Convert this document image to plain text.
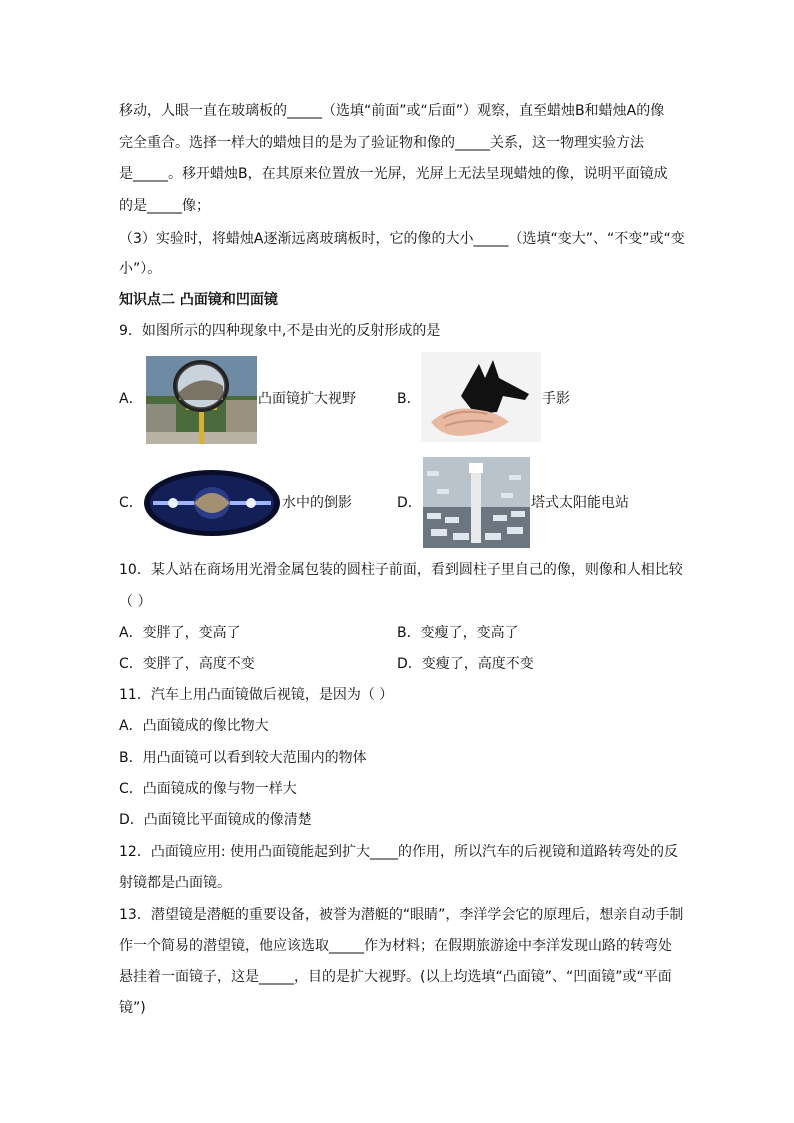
移动，人眼一直在玻璃板的_____（选填“前面”或“后面”）观察，直至蜡烛B和蜡烛A的像
完全重合。选择一样大的蜡烛目的是为了验证物和像的_____关系，这一物理实验方法
是_____。移开蜡烛B，在其原来位置放一光屏，光屏上无法呈现蜡烛的像，说明平面镜成
的是_____像；
（3）实验时，将蜡烛A逐渐远离玻璃板时，它的像的大小_____（选填“变大”、“不变”或“变
小”）。
知识点二 凸面镜和凹面镜
9．如图所示的四种现象中,不是由光的反射形成的是
A．	凸面镜扩大视野	B．	手影
C．	水中的倒影	D．	塔式太阳能电站
10．某人站在商场用光滑金属包装的圆柱子前面，看到圆柱子里自己的像，则像和人相比较
（ ）
A．变胖了，变高了	B．变瘦了，变高了
C．变胖了，高度不变	D．变瘦了，高度不变
11．汽车上用凸面镜做后视镜，是因为（ ）
A．凸面镜成的像比物大
B．用凸面镜可以看到较大范围内的物体
C．凸面镜成的像与物一样大
D．凸面镜比平面镜成的像清楚
12．凸面镜应用: 使用凸面镜能起到扩大____的作用，所以汽车的后视镜和道路转弯处的反
射镜都是凸面镜。
13．潜望镜是潜艇的重要设备，被誉为潜艇的“眼睛”，李洋学会它的原理后，想亲自动手制
作一个简易的潜望镜，他应该选取_____作为材料；在假期旅游途中李洋发现山路的转弯处
悬挂着一面镜子，这是_____，目的是扩大视野。(以上均选填“凸面镜”、“凹面镜”或“平面
镜”)
